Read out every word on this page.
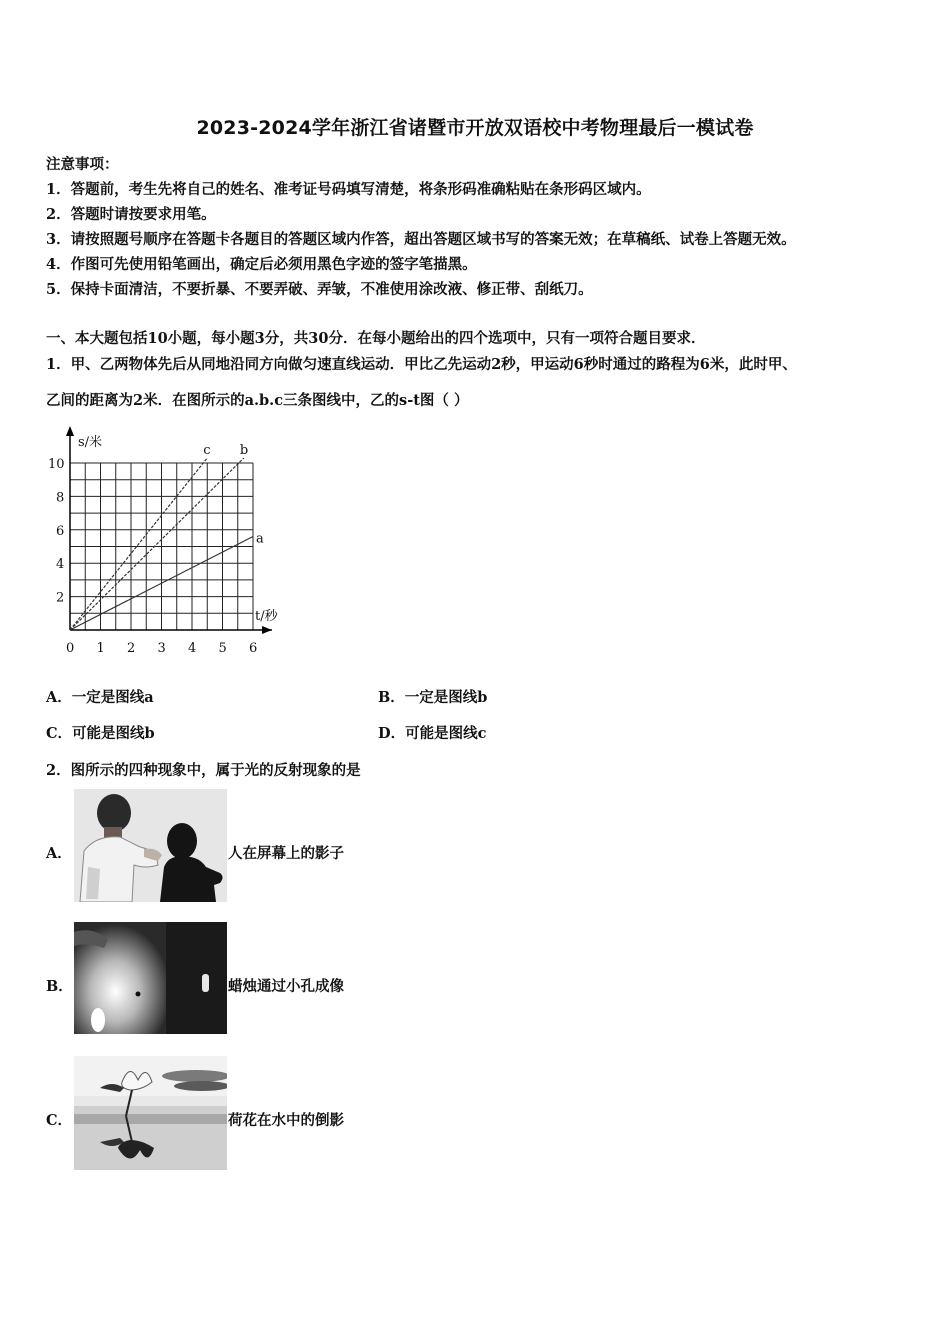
2023-2024学年浙江省诸暨市开放双语校中考物理最后一模试卷
注意事项：
1．答题前，考生先将自己的姓名、准考证号码填写清楚，将条形码准确粘贴在条形码区域内。
2．答题时请按要求用笔。
3．请按照题号顺序在答题卡各题目的答题区域内作答，超出答题区域书写的答案无效；在草稿纸、试卷上答题无效。
4．作图可先使用铅笔画出，确定后必须用黑色字迹的签字笔描黑。
5．保持卡面清洁，不要折暴、不要弄破、弄皱，不准使用涂改液、修正带、刮纸刀。
一、本大题包括10小题，每小题3分，共30分．在每小题给出的四个选项中，只有一项符合题目要求．
1．甲、乙两物体先后从同地沿同方向做匀速直线运动．甲比乙先运动2秒，甲运动6秒时通过的路程为6米，此时甲、
乙间的距离为2米．在图所示的a.b.c三条图线中，乙的s-t图（ ）
a
b
c
0 1 2 3 4 5 6
2
4
6
8
10
s/米
t/秒
A．一定是图线a	B．一定是图线b
C．可能是图线b	D．可能是图线c
2．图所示的四种现象中，属于光的反射现象的是
A．	人在屏幕上的影子
B．	蜡烛通过小孔成像
C．	荷花在水中的倒影
